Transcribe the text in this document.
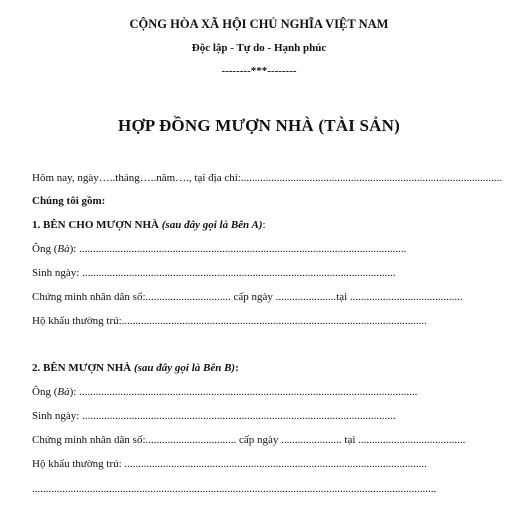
CỘNG HÒA XÃ HỘI CHỦ NGHĨA VIỆT NAM
Độc lập - Tự do - Hạnh phúc
--------***--------
HỢP ĐỒNG MƯỢN NHÀ (TÀI SẢN)
Hôm nay, ngày…..tháng…..năm…., tại địa chỉ:...............................................................................................
Chúng tôi gồm:
1. BÊN CHO MƯỢN NHÀ (sau đây gọi là Bên A):
Ông (Bà): .......................................................................................................................
Sinh ngày: ..................................................................................................................
Chứng minh nhân dân số:............................... cấp ngày ......................tại .........................................
Hộ khẩu thường trú:...............................................................................................................
2. BÊN MƯỢN NHÀ (sau đây gọi là Bên B):
Ông (Bà): ...........................................................................................................................
Sinh ngày: ..................................................................................................................
Chứng minh nhân dân số:................................. cấp ngày ...................... tại .......................................
Hộ khẩu thường trú: ..............................................................................................................
...................................................................................................................................................
